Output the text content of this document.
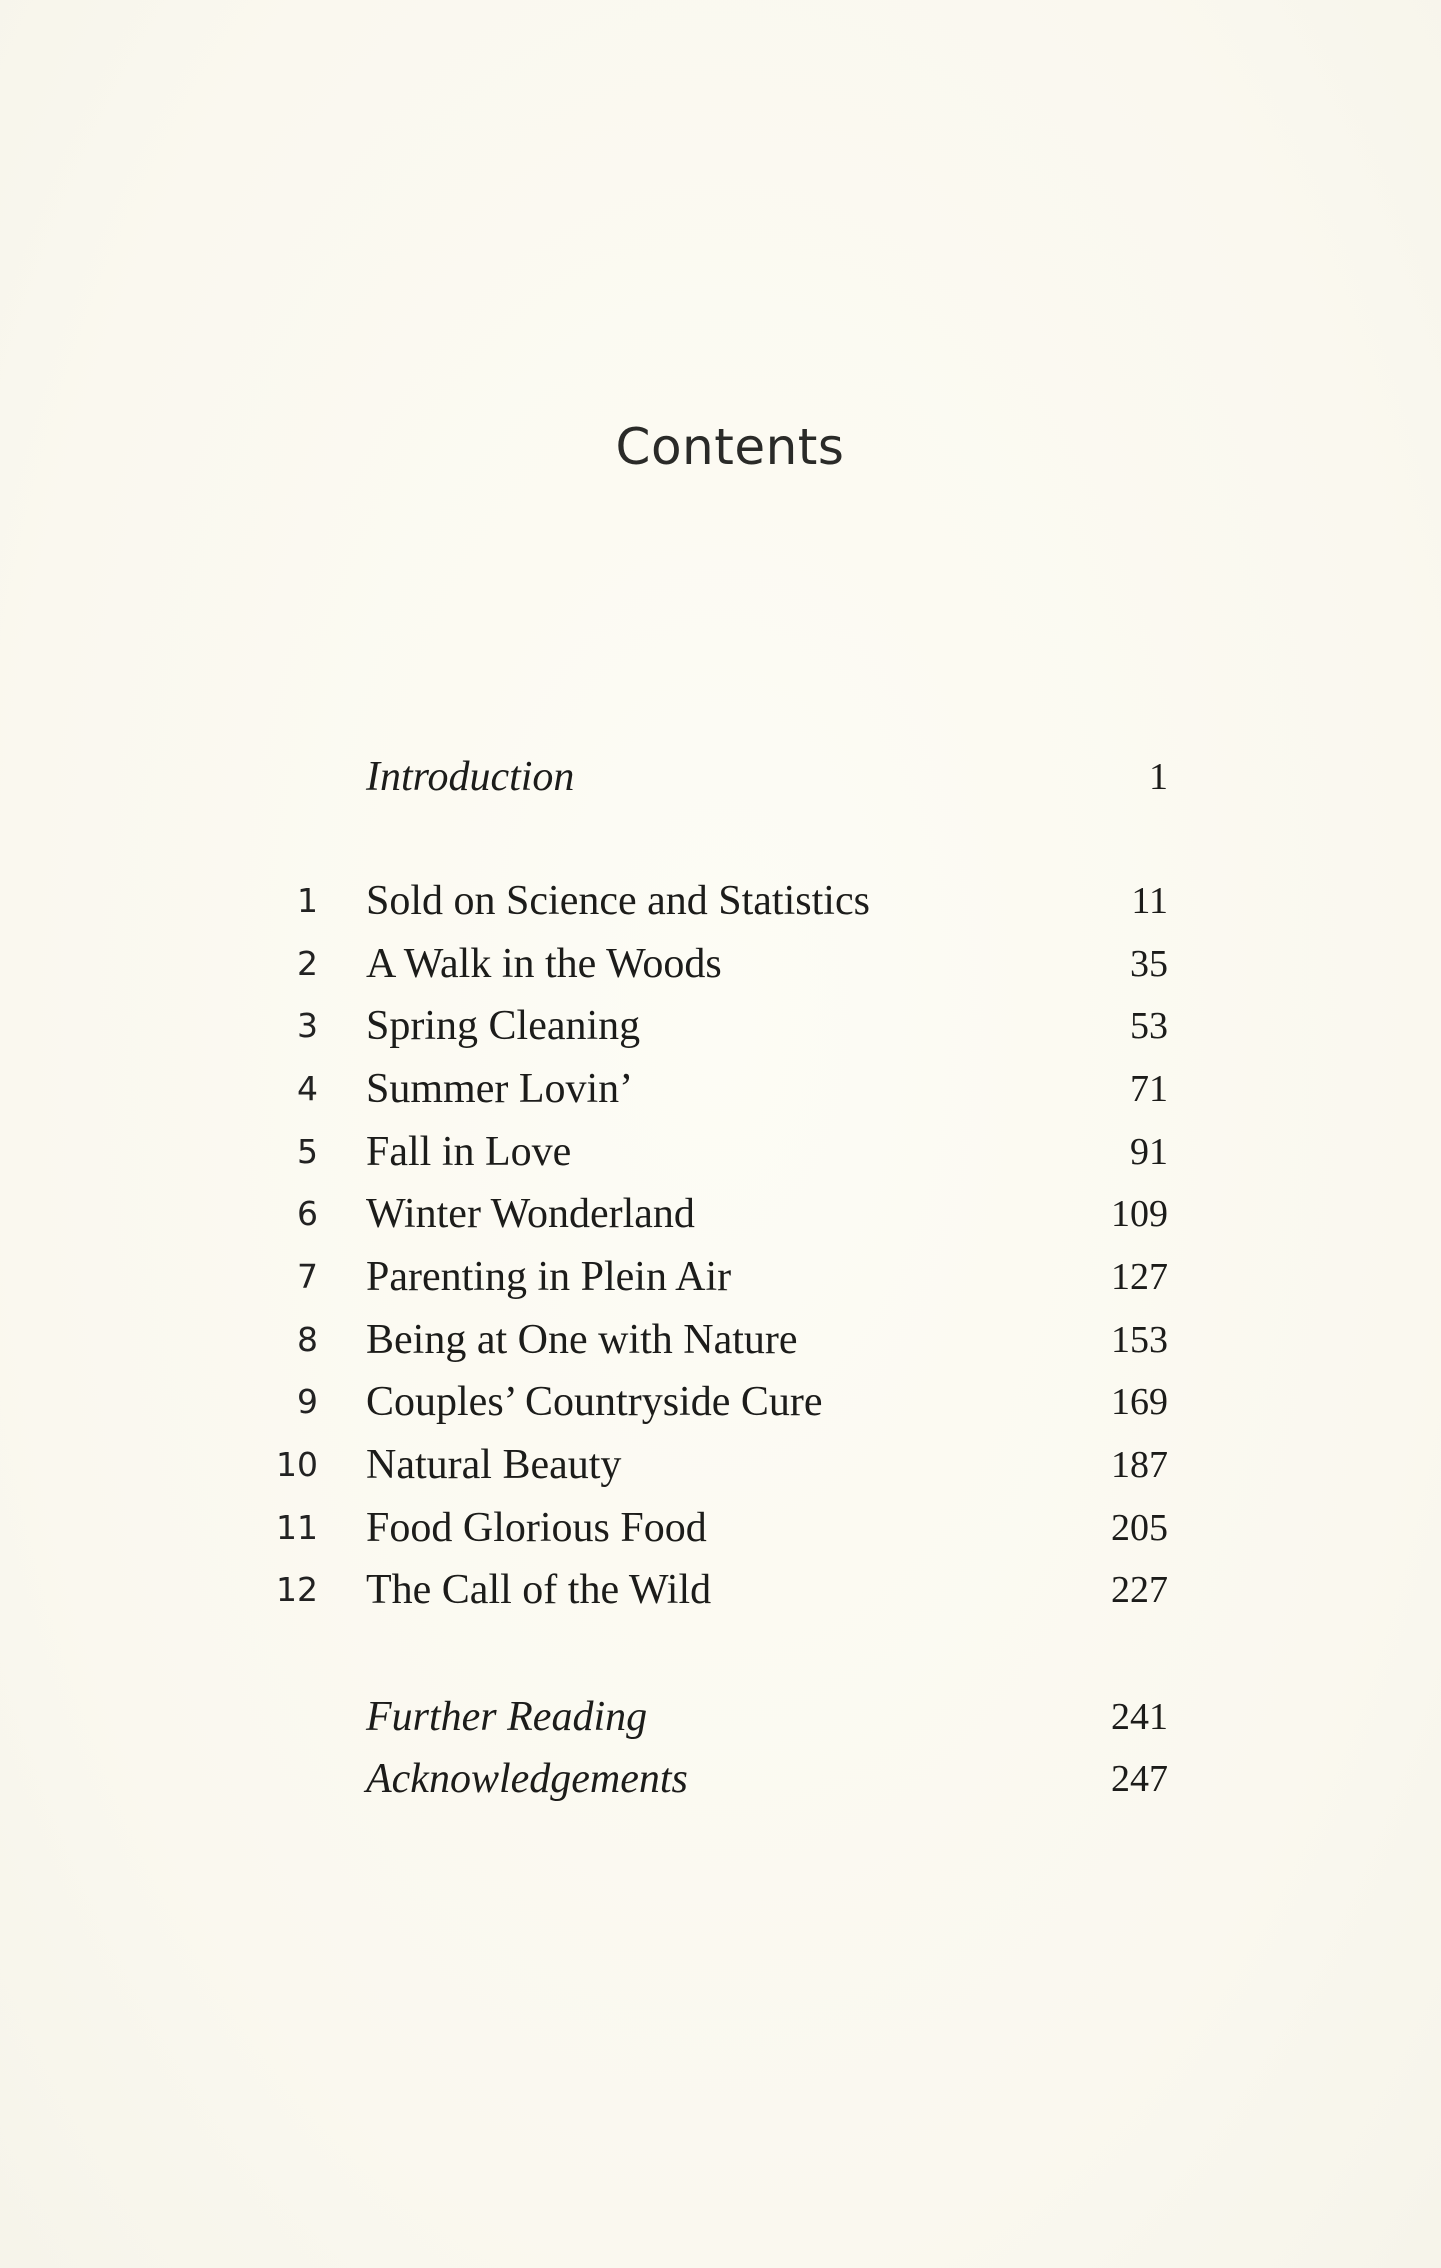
Contents
Introduction	1
1 Sold on Science and Statistics	11
2 A Walk in the Woods	35
3 Spring Cleaning	53
4 Summer Lovin’	71
5 Fall in Love	91
6 Winter Wonderland	109
7 Parenting in Plein Air	127
8 Being at One with Nature	153
9 Couples’ Countryside Cure	169
10 Natural Beauty	187
11 Food Glorious Food	205
12 The Call of the Wild	227
Further Reading	241
Acknowledgements	247
